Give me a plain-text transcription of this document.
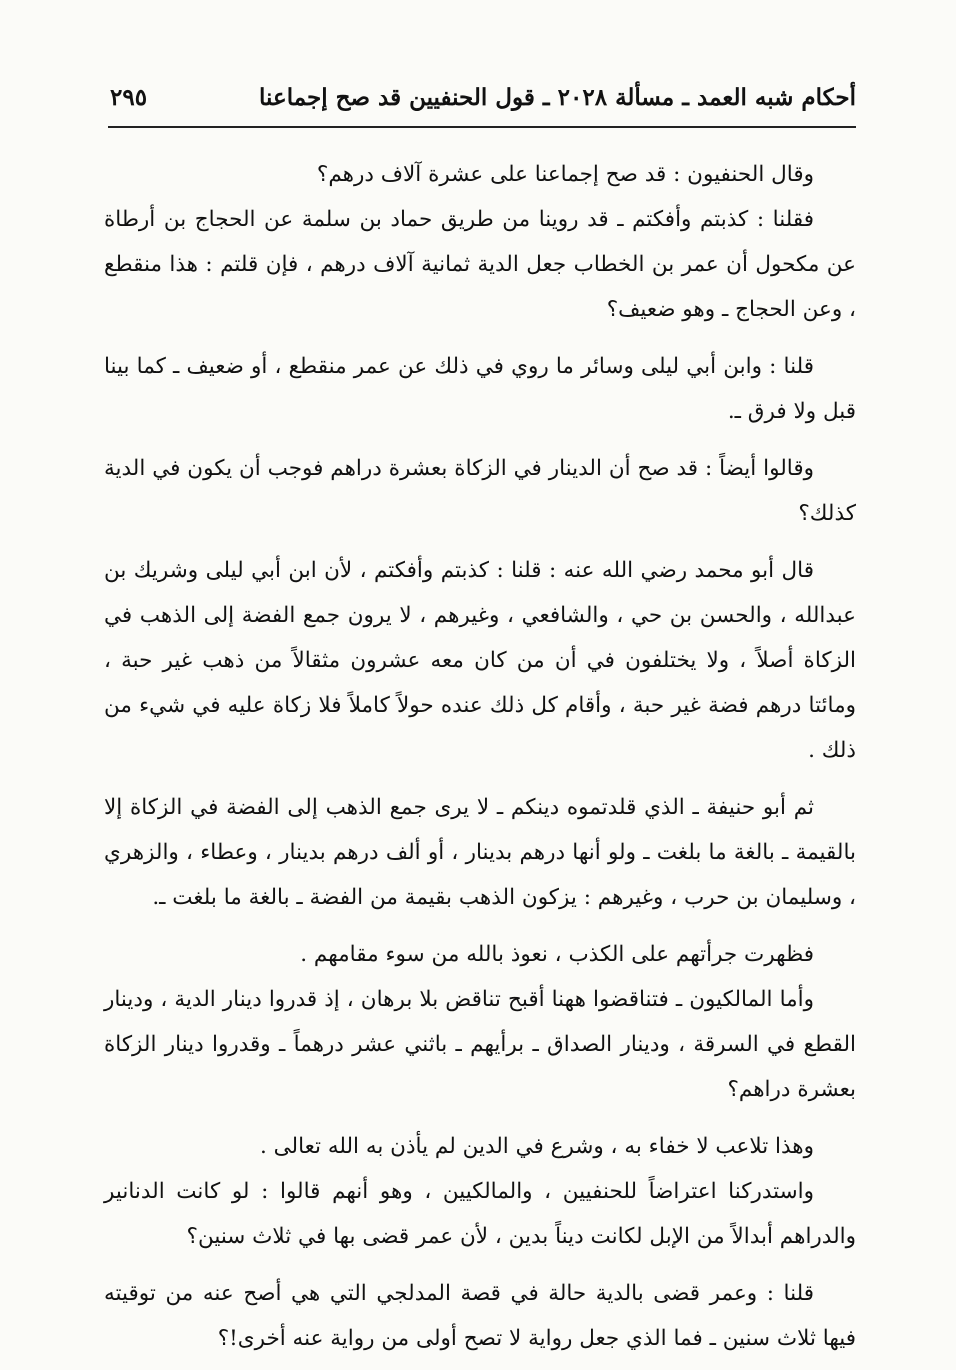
أحكام شبه العمد ـ مسألة ٢٠٢٨ ـ قول الحنفيين قد صح إجماعنا
٢٩٥

وقال الحنفيون : قد صح إجماعنا على عشرة آلاف درهم؟

فقلنا : كذبتم وأفكتم ـ قد روينا من طريق حماد بن سلمة عن الحجاج بن أرطاة عن مكحول أن عمر بن الخطاب جعل الدية ثمانية آلاف درهم ، فإن قلتم : هذا منقطع ، وعن الحجاج ـ وهو ضعيف؟

قلنا : وابن أبي ليلى وسائر ما روي في ذلك عن عمر منقطع ، أو ضعيف ـ كما بينا قبل ولا فرق ـ.

وقالوا أيضاً : قد صح أن الدينار في الزكاة بعشرة دراهم فوجب أن يكون في الدية كذلك؟

قال أبو محمد رضي الله عنه : قلنا : كذبتم وأفكتم ، لأن ابن أبي ليلى وشريك بن عبدالله ، والحسن بن حي ، والشافعي ، وغيرهم ، لا يرون جمع الفضة إلى الذهب في الزكاة أصلاً ، ولا يختلفون في أن من كان معه عشرون مثقالاً من ذهب غير حبة ، ومائتا درهم فضة غير حبة ، وأقام كل ذلك عنده حولاً كاملاً فلا زكاة عليه في شيء من ذلك .

ثم أبو حنيفة ـ الذي قلدتموه دينكم ـ لا يرى جمع الذهب إلى الفضة في الزكاة إلا بالقيمة ـ بالغة ما بلغت ـ ولو أنها درهم بدينار ، أو ألف درهم بدينار ، وعطاء ، والزهري ، وسليمان بن حرب ، وغيرهم : يزكون الذهب بقيمة من الفضة ـ بالغة ما بلغت ـ.

فظهرت جرأتهم على الكذب ، نعوذ بالله من سوء مقامهم .

وأما المالكيون ـ فتناقضوا ههنا أقبح تناقض بلا برهان ، إذ قدروا دينار الدية ، ودينار القطع في السرقة ، ودينار الصداق ـ برأيهم ـ باثني عشر درهماً ـ وقدروا دينار الزكاة بعشرة دراهم؟

وهذا تلاعب لا خفاء به ، وشرع في الدين لم يأذن به الله تعالى .

واستدركنا اعتراضاً للحنفيين ، والمالكيين ، وهو أنهم قالوا : لو كانت الدنانير والدراهم أبدالاً من الإبل لكانت ديناً بدين ، لأن عمر قضى بها في ثلاث سنين؟

قلنا : وعمر قضى بالدية حالة في قصة المدلجي التي هي أصح عنه من توقيته فيها ثلاث سنين ـ فما الذي جعل رواية لا تصح أولى من رواية عنه أخرى!؟
